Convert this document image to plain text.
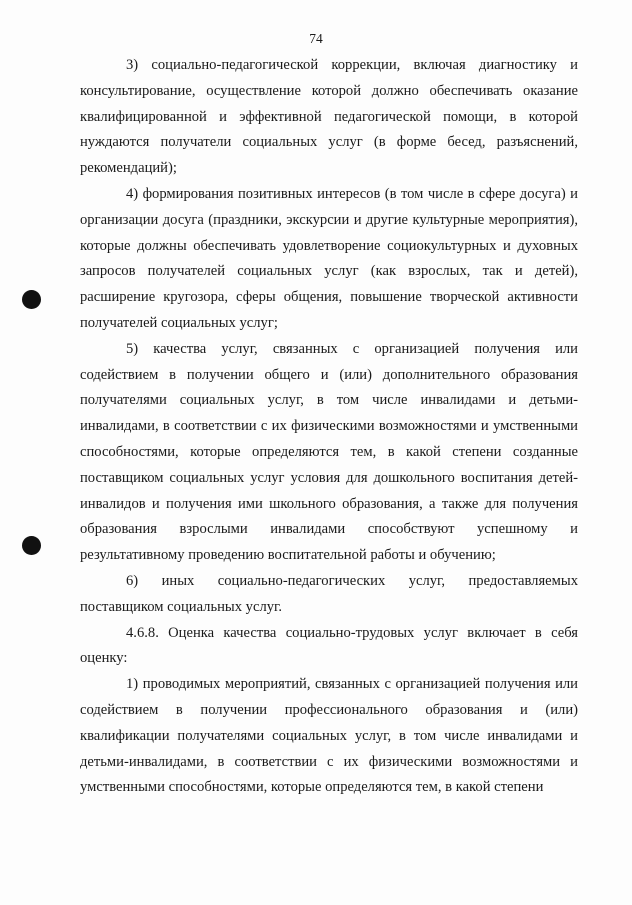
74

3) социально-педагогической коррекции, включая диагностику и консультирование, осуществление которой должно обеспечивать оказание квалифицированной и эффективной педагогической помощи, в которой нуждаются получатели социальных услуг (в форме бесед, разъяснений, рекомендаций);

4) формирования позитивных интересов (в том числе в сфере досуга) и организации досуга (праздники, экскурсии и другие культурные мероприятия), которые должны обеспечивать удовлетворение социокультурных и духовных запросов получателей социальных услуг (как взрослых, так и детей), расширение кругозора, сферы общения, повышение творческой активности получателей социальных услуг;

5) качества услуг, связанных с организацией получения или содействием в получении общего и (или) дополнительного образования получателями социальных услуг, в том числе инвалидами и детьми-инвалидами, в соответствии с их физическими возможностями и умственными способностями, которые определяются тем, в какой степени созданные поставщиком социальных услуг условия для дошкольного воспитания детей-инвалидов и получения ими школьного образования, а также для получения образования взрослыми инвалидами способствуют успешному и результативному проведению воспитательной работы и обучению;

6) иных социально-педагогических услуг, предоставляемых поставщиком социальных услуг.

4.6.8. Оценка качества социально-трудовых услуг включает в себя оценку:

1) проводимых мероприятий, связанных с организацией получения или содействием в получении профессионального образования и (или) квалификации получателями социальных услуг, в том числе инвалидами и детьми-инвалидами, в соответствии с их физическими возможностями и умственными способностями, которые определяются тем, в какой степени
